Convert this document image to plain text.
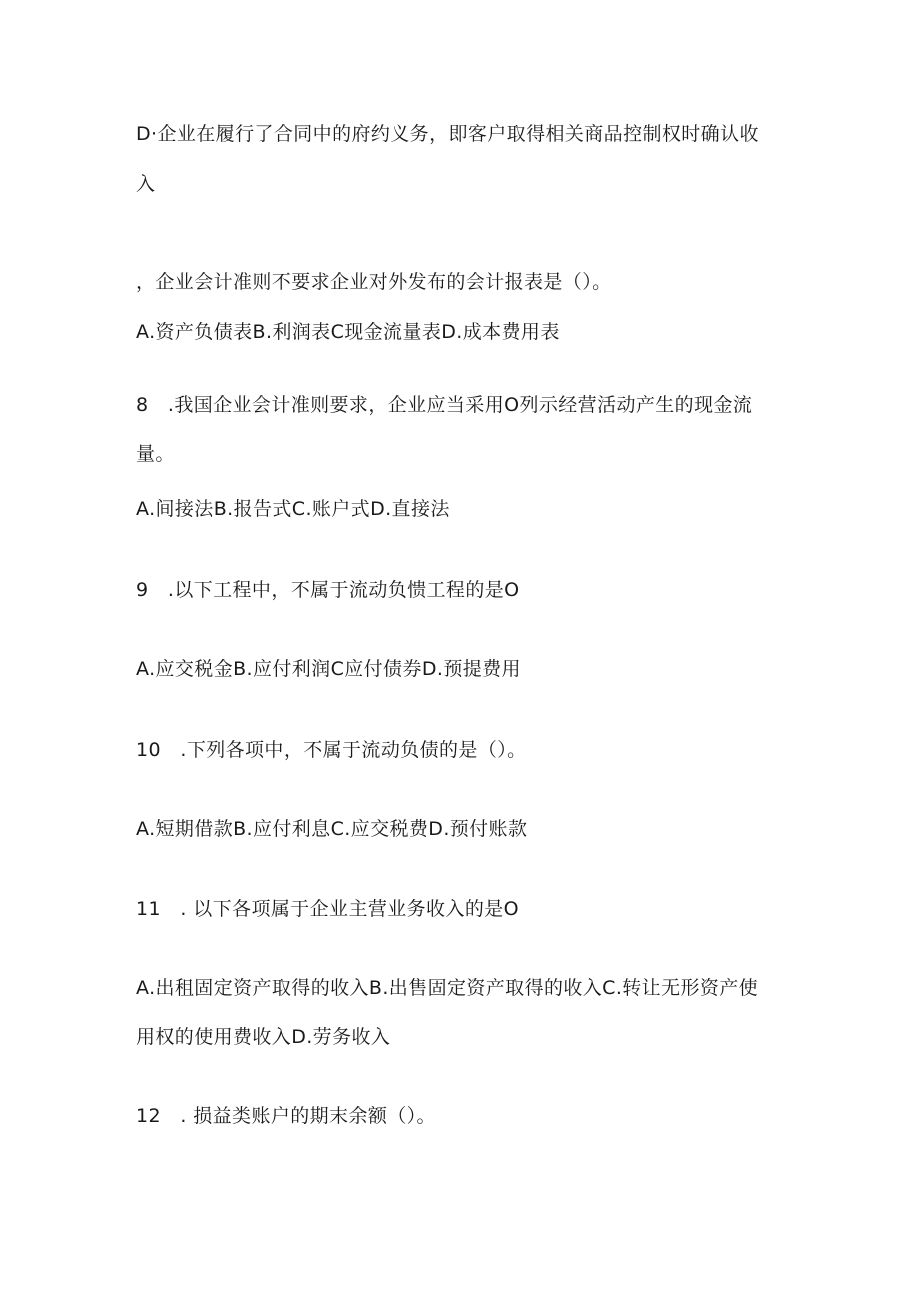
D·企业在履行了合同中的府约义务，即客户取得相关商品控制权时确认收
入
，企业会计准则不要求企业对外发布的会计报表是（）。
A.资产负债表B.利润表C现金流量表D.成本费用表
8　.我国企业会计准则要求，企业应当采用O列示经营活动产生的现金流
量。
A.间接法B.报告式C.账户式D.直接法
9　.以下工程中，不属于流动负愦工程的是O
A.应交税金B.应付利润C应付债券D.预提费用
10　.下列各项中，不属于流动负债的是（）。
A.短期借款B.应付利息C.应交税费D.预付账款
11　. 以下各项属于企业主营业务收入的是O
A.出租固定资产取得的收入B.出售固定资产取得的收入C.转让无形资产使
用权的使用费收入D.劳务收入
12　. 损益类账户的期末余额（）。
